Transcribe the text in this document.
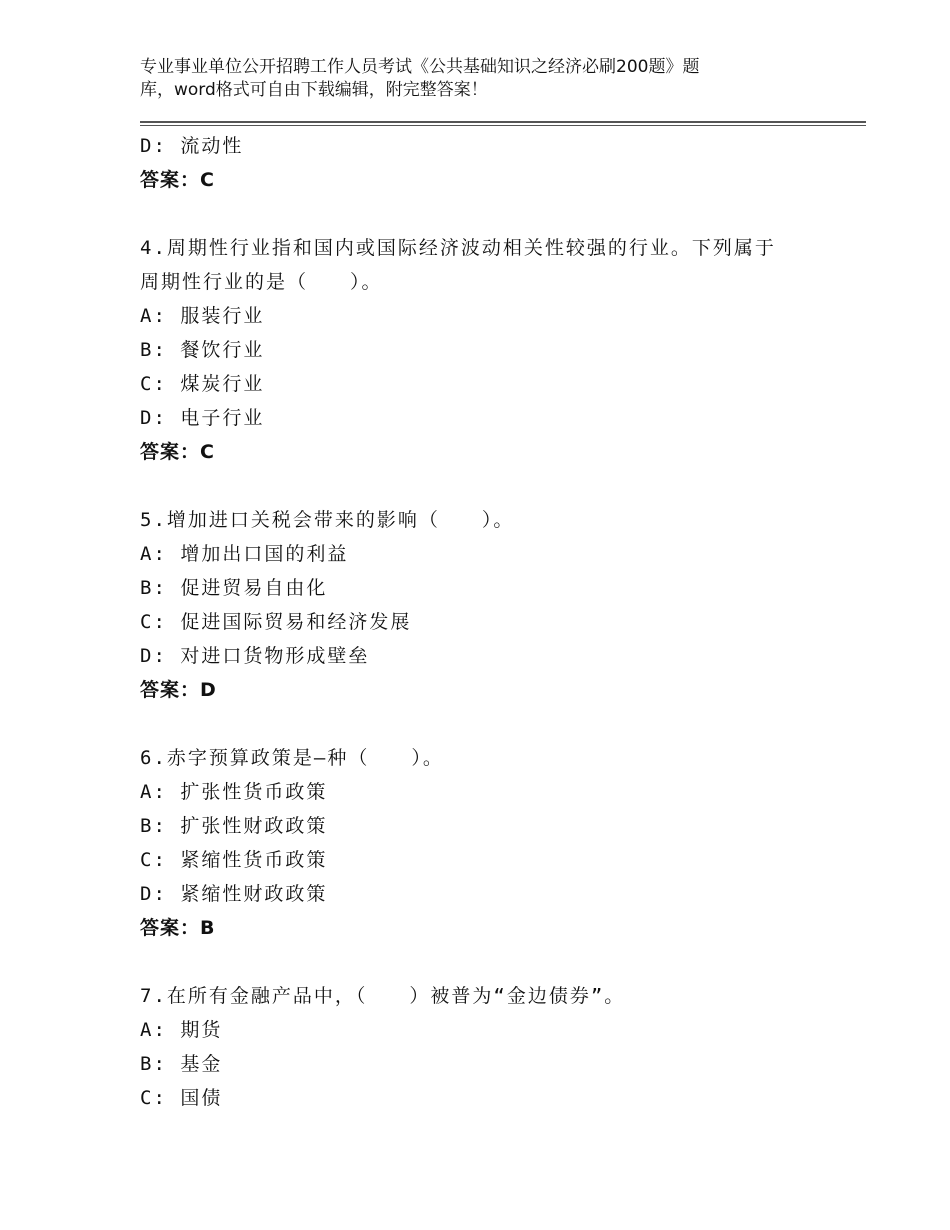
专业事业单位公开招聘工作人员考试《公共基础知识之经济必刷200题》题
库，word格式可自由下载编辑，附完整答案！
D: 流动性
答案：C
4.周期性行业指和国内或国际经济波动相关性较强的行业。下列属于
周期性行业的是（　　）。
A: 服装行业
B: 餐饮行业
C: 煤炭行业
D: 电子行业
答案：C
5.增加进口关税会带来的影响（　　）。
A: 增加出口国的利益
B: 促进贸易自由化
C: 促进国际贸易和经济发展
D: 对进口货物形成壁垒
答案：D
6.赤字预算政策是—种（　　）。
A: 扩张性货币政策
B: 扩张性财政政策
C: 紧缩性货币政策
D: 紧缩性财政政策
答案：B
7.在所有金融产品中，（　　）被普为“金边债券”。
A: 期货
B: 基金
C: 国债
